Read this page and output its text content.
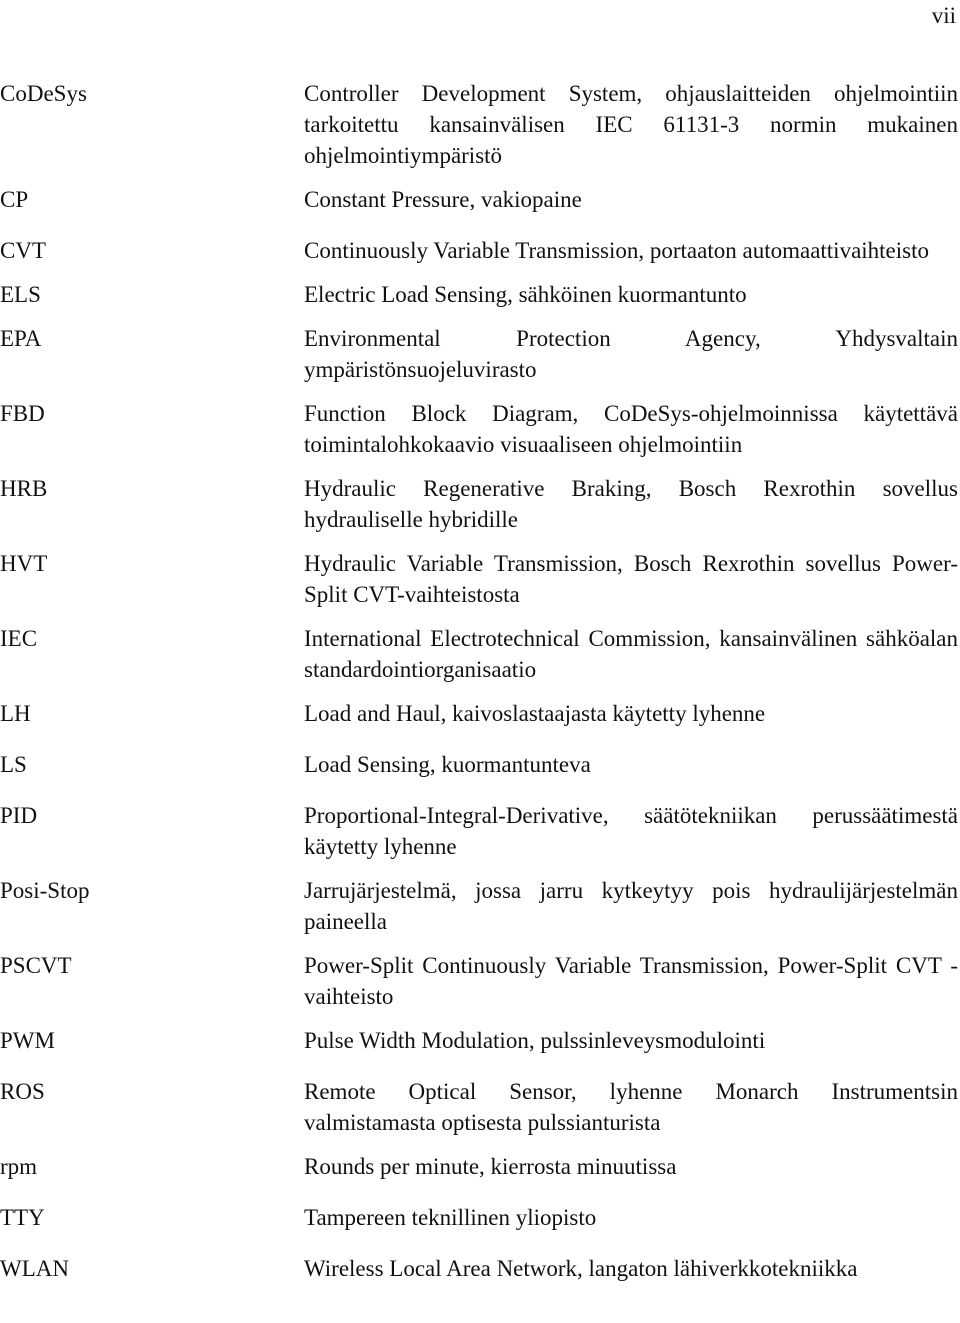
vii
CoDeSys	Controller Development System, ohjauslaitteiden ohjelmointiin tarkoitettu kansainvälisen IEC 61131-3 normin mukainen ohjelmointiympäristö
CP	Constant Pressure, vakiopaine
CVT	Continuously Variable Transmission, portaaton automaattivaihteisto
ELS	Electric Load Sensing, sähköinen kuormantunto
EPA	Environmental Protection Agency, Yhdysvaltain ympäristönsuojeluvirasto
FBD	Function Block Diagram, CoDeSys-ohjelmoinnissa käytettävä toimintalohkokaavio visuaaliseen ohjelmointiin
HRB	Hydraulic Regenerative Braking, Bosch Rexrothin sovellus hydrauliselle hybridille
HVT	Hydraulic Variable Transmission, Bosch Rexrothin sovellus Power-Split CVT-vaihteistosta
IEC	International Electrotechnical Commission, kansainvälinen sähköalan standardointiorganisaatio
LH	Load and Haul, kaivoslastaajasta käytetty lyhenne
LS	Load Sensing, kuormantunteva
PID	Proportional-Integral-Derivative, säätötekniikan perussäätimestä käytetty lyhenne
Posi-Stop	Jarrujärjestelmä, jossa jarru kytkeytyy pois hydraulijärjestelmän paineella
PSCVT	Power-Split Continuously Variable Transmission, Power-Split CVT -vaihteisto
PWM	Pulse Width Modulation, pulssinleveysmodulointi
ROS	Remote Optical Sensor, lyhenne Monarch Instrumentsin valmistamasta optisesta pulssianturista
rpm	Rounds per minute, kierrosta minuutissa
TTY	Tampereen teknillinen yliopisto
WLAN	Wireless Local Area Network, langaton lähiverkkotekniikka
